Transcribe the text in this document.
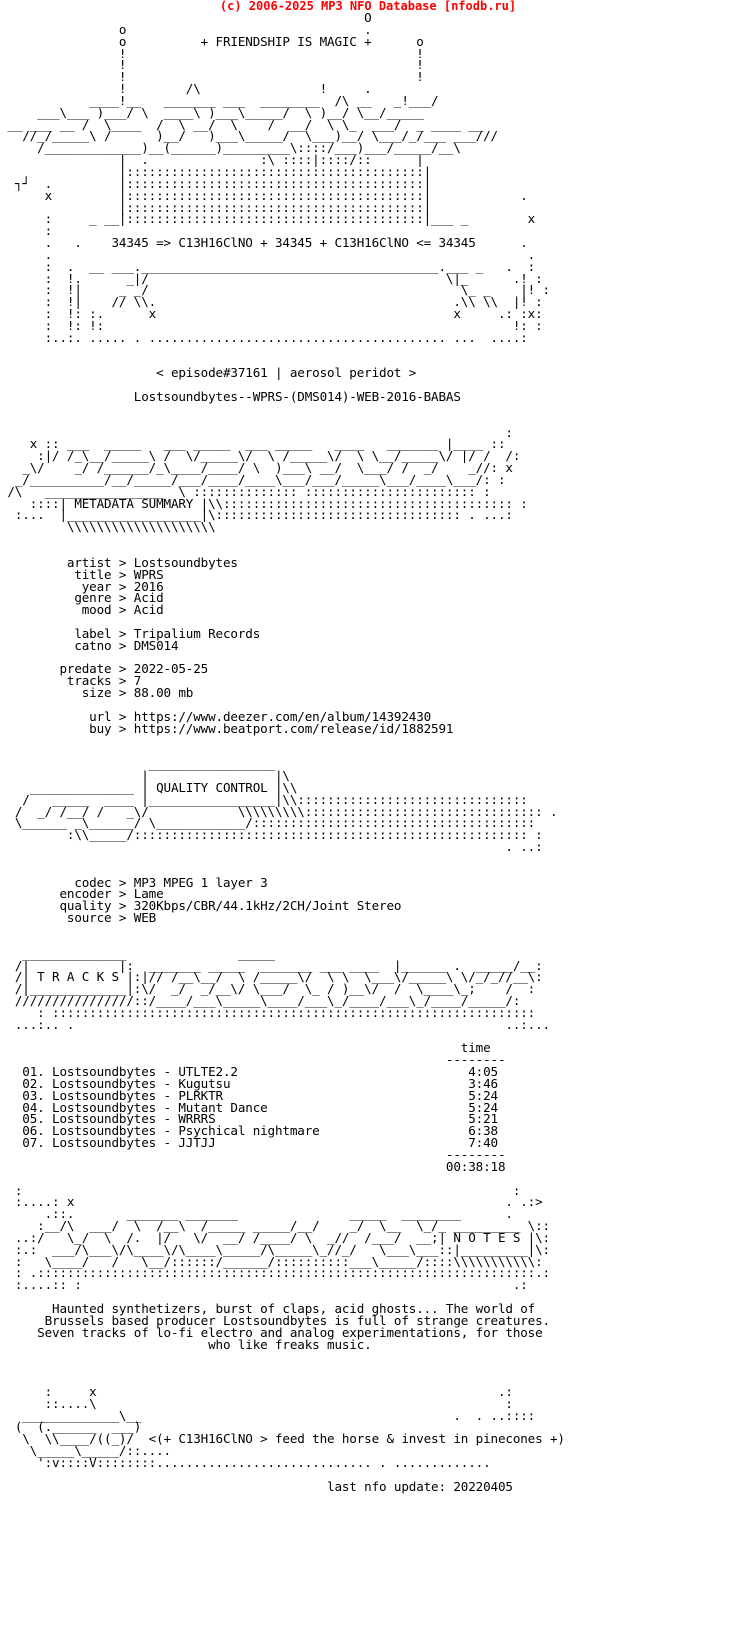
(c) 2006-2025 MP3 NFO Database [nfodb.ru]
O
o                                .
o          + FRIENDSHIP IS MAGIC +      o
!                                       !
!                                       !
!                                       !
!        /\                !     .
____!__   _______ ___  ________  /\ __   _!___/
___\___ )___/ \  ____\ )___\_____/  \ )__/ \__/_____
__ ___ __ /  \____  /  \ __/  \    /  __/  \ \_  ___/  _ ____ __
//_/_____\ /      )__/   )___\_____/  \___)__/ \___/_/___ ___///
/_____________)__(______)_________\::::/___)___/_____/__\
|  .               :\ ::::|::::/::      |
|::::::::::::::::::::::::::::::::::::::::|
┐┘  .         |::::::::::::::::::::::::::::::::::::::::|
x         |::::::::::::::::::::::::::::::::::::::::|            .
|::::::::::::::::::::::::::::::::::::::::|
:     _ __|::::::::::::::::::::::::::::::::::::::::|___ _        x
:
.   .    34345 => C13H16ClNO + 34345 + C13H16ClNO <= 34345      .
.                                                                .
:  .  __ ___.________________________________________.___ _   .  :
:  !.      _|/                                        \|_      .! :
:  !|     _ _/                                          \_ _    |! :
:  !|    // \\.                                        .\\ \\  |! :
:  !: :.      x                                        x     .: :x:
:  !: !:                                                       !: :
:..:. ..... . ........................................ ...  ....:

< episode#37161 | aerosol peridot >

Lostsoundbytes--WPRS-(DMS014)-WEB-2016-BABAS

:
x :: ___  _____   ___ _____  ___ _____   ____   _______ |____ ::
:|/ /_\__/_____\ /  \/_____\/  \ /_____\/  \ \__/_____\/ |/ /  /:
_\/    _/ /______/_\____/____/ \  )___\ __/  \___/ /  _/    _//: x
_/__________/__/_____/___/____/____\___/___/_____\___/____\___/: :
/\   ________________  \ :::::::::::::: ::::::::::::::::::::::: :
::::| METADATA SUMMARY |\\::::::::::::::::::::::::::::::::::::::: :
:...  |__________________|\::::::::::::::::::::::::::::::::: . ...:
\\\\\\\\\\\\\\\\\\\\

artist > Lostsoundbytes
title > WPRS
year > 2016
genre > Acid
mood > Acid

label > Tripalium Records
catno > DMS014

predate > 2022-05-25
tracks > 7
size > 88.00 mb

url > https://www.deezer.com/en/album/14392430
buy > https://www.beatport.com/release/id/1882591

_________________
|                 |\
______________ | QUALITY CONTROL |\\
/   _____  ____ |_________________|\\:::::::::::::::::::::::::::::::
/  _/ /__/ /   _\/            \\\\\\\\\:::::::::::::::::::::::::::::::: .
\______ _\______/ \____________/::::::::::::::::::::::::::::::::::::::
:\\_____/::::::::::::::::::::::::::::::::::::::::::::::::::::: :
. ..:

codec > MP3 MPEG 1 layer 3
encoder > Lame
quality > 320Kbps/CBR/44.1kHz/2CH/Joint Stereo
source > WEB

______________               _____
/|            |:  _______ _____  _______ ___ ____  |______ .  _____/__:
/| T R A C K S |:|// /__\__/  \ /_____\/  \ \  \___\/_____\ \/_/_//__\:
/|_____________|:\/  _/  _/__\/ \___/  \_ / )__\/  /  \____\_;    /  :
////////////////::/____/___\_____\____/___\_/____/___\_/____/_____/:
: :::::::::::::::::::::::::::::::::::::::::::::::::::::::::::::::::
...:.. .                                                          ..:...

time
--------
01. Lostsoundbytes - UTLTE2.2                               4:05
02. Lostsoundbytes - Kugutsu                                3:46
03. Lostsoundbytes - PLRKTR                                 5:24
04. Lostsoundbytes - Mutant Dance                           5:24
05. Lostsoundbytes - WRRRS                                  5:21
06. Lostsoundbytes - Psychical nightmare                    6:38
07. Lostsoundbytes - JJTJJ                                  7:40
--------
00:38:18

:                                                                  :
:....: x                                                          . .:>
.::.       _______ _______               _____  ________      .
:__/\  ___/  \  /__\  /_____ _____/__/    _/  \__  \_/_ _________ \::
..:/   \_/  \  /.  |/   \/  __/ /____/ \  _//  /___/  __;| N O T E S |\:
:.:  ___/\___\/\____\/\____\_____/\_____\_//_/   \___\___::|_________|\:
:   \____/   /   \__/::::::/______/::::::::::___\_____/::::\\\\\\\\\\\:
: .:::::::::::::::::::::::::::::::::::::::::::::::::::::::::::::::::::.:
:....:: :                                                          .:

Haunted synthetizers, burst of claps, acid ghosts... The world of
Brussels based producer Lostsoundbytes is full of strange creatures.
Seven tracks of lo-fi electro and analog experimentations, for those
who like freaks music.

:     x                                                      .:
::....\                                                       :
_____________\__                                          .  . ..::::
(  (.______  ___)
\  \\____/((_)/  <(+ C13H16ClNO > feed the horse & invest in pinecones +)
\_____\_____/::....
':v::::V::::::::............................. . .............

last nfo update: 20220405
